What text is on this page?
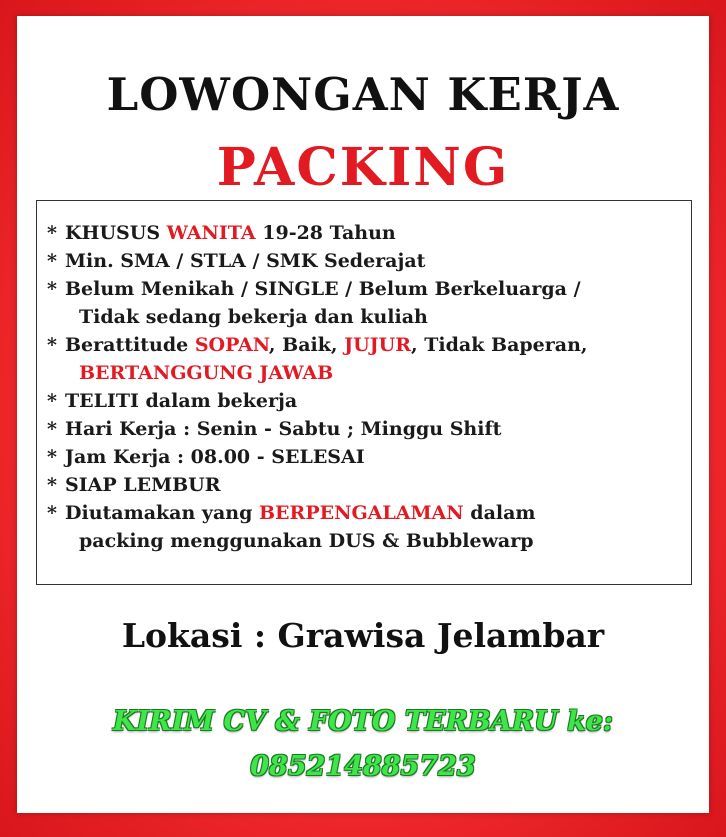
LOWONGAN KERJA
PACKING
* KHUSUS WANITA 19-28 Tahun
* Min. SMA / STLA / SMK Sederajat
* Belum Menikah / SINGLE / Belum Berkeluarga /
Tidak sedang bekerja dan kuliah
* Berattitude SOPAN, Baik, JUJUR, Tidak Baperan,
BERTANGGUNG JAWAB
* TELITI dalam bekerja
* Hari Kerja : Senin - Sabtu ; Minggu Shift
* Jam Kerja : 08.00 - SELESAI
* SIAP LEMBUR
* Diutamakan yang BERPENGALAMAN dalam
packing menggunakan DUS & Bubblewarp
Lokasi : Grawisa Jelambar
KIRIM CV & FOTO TERBARU ke:
085214885723
